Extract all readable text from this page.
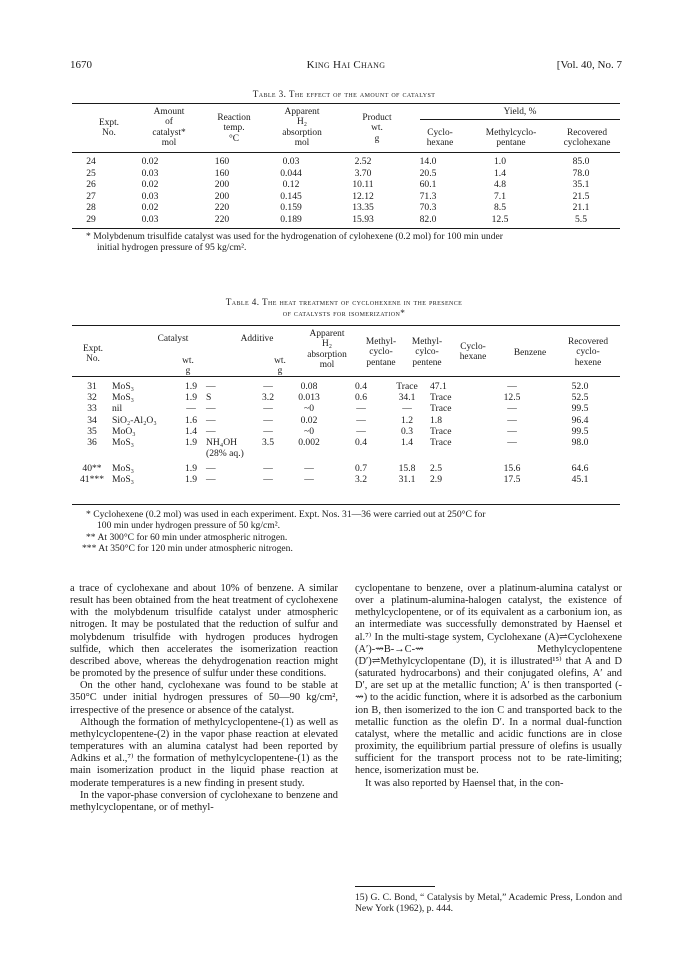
1670	King Hai Chang	[Vol. 40, No. 7
Table 3. The effect of the amount of catalyst
Expt.
No.
Amount
of
catalyst*
mol
Reaction
temp.
°C
Apparent
H₂
absorption
mol
Product
wt.
g
Yield, %
Cyclo-
hexane
Methylcyclo-
pentane
Recovered
cyclohexane
24	0.02	160	0.03	2.52	14.0	1.0	85.0
25	0.03	160	0.044	3.70	20.5	1.4	78.0
26	0.02	200	0.12	10.11	60.1	4.8	35.1
27	0.03	200	0.145	12.12	71.3	7.1	21.5
28	0.02	220	0.159	13.35	70.3	8.5	21.1
29	0.03	220	0.189	15.93	82.0	12.5	5.5
* Molybdenum trisulfide catalyst was used for the hydrogenation of cylohexene (0.2 mol) for 100 min under
initial hydrogen pressure of 95 kg/cm².
Table 4. The heat treatment of cyclohexene in the presence
of catalysts for isomerization*
Expt.
No.
Catalyst
wt.
g
Additive
wt.
g
Apparent
H₂
absorption
mol
Methyl-
cyclo-
pentane
Methyl-
cylco-
pentene
Cyclo-
hexane	Benzene
Recovered
cyclo-
hexene
31	MoS₃	1.9	—	—	0.08	0.4	Trace	47.1	—	52.0
32	MoS₃	1.9	S	3.2	0.013	0.6	34.1	Trace	12.5	52.5
33	nil	—	—	—	~0	—	—	Trace	—	99.5
34	SiO₂-Al₂O₃	1.6	—	—	0.02	—	1.2	1.8	—	96.4
35	MoO₃	1.4	—	—	~0	—	0.3	Trace	—	99.5
36	MoS₃	1.9	NH₄OH	3.5	0.002	0.4	1.4	Trace	—	98.0
			(28% aq.)							
40**	MoS₃	1.9	—	—	—	0.7	15.8	2.5	15.6	64.6
41***	MoS₃	1.9	—	—	—	3.2	31.1	2.9	17.5	45.1
* Cyclohexene (0.2 mol) was used in each experiment. Expt. Nos. 31—36 were carried out at 250°C for
100 min under hydrogen pressure of 50 kg/cm².
** At 300°C for 60 min under atmospheric nitrogen.
*** At 350°C for 120 min under atmospheric nitrogen.

a trace of cyclohexane and about 10% of benzene. A similar result has been obtained from the heat treatment of cyclohexene with the molybdenum trisulfide catalyst under atmospheric nitrogen. It may be postulated that the reduction of sulfur and molybdenum trisulfide with hydrogen produces hydrogen sulfide, which then accelerates the isomerization reaction described above, whereas the dehydrogenation reaction might be promoted by the presence of sulfur under these conditions.

On the other hand, cyclohexane was found to be stable at 350°C under initial hydrogen pressures of 50—90 kg/cm², irrespective of the presence or absence of the catalyst.

Although the formation of methylcyclopentene-(1) as well as methylcyclopentene-(2) in the vapor phase reaction at elevated temperatures with an alumina catalyst had been reported by Adkins et al.,⁷⁾ the formation of methylcyclopentene-(1) as the main isomerization product in the liquid phase reaction at moderate temperatures is a new finding in present study.

In the vapor-phase conversion of cyclohexane to benzene and methylcyclopentane, or of methyl-

cyclopentane to benzene, over a platinum-alumina catalyst or over a platinum-alumina-halogen catalyst, the existence of methylcyclopentene, or of its equivalent as a carbonium ion, as an intermediate was successfully demonstrated by Haensel et al.⁷⁾ In the multi-stage system, Cyclohexane (A)⇌Cyclohexene (A′)-⇝B-→C-⇝ Methylcyclopentene (D′)⇌Methylcyclopentane (D), it is illustrated¹⁵⁾ that A and D (saturated hydrocarbons) and their conjugated olefins, A′ and D′, are set up at the metallic function; A′ is then transported (-⇝) to the acidic function, where it is adsorbed as the carbonium ion B, then isomerized to the ion C and transported back to the metallic function as the olefin D′. In a normal dual-function catalyst, where the metallic and acidic functions are in close proximity, the equilibrium partial pressure of olefins is usually sufficient for the transport process not to be rate-limiting; hence, isomerization must be.

It was also reported by Haensel that, in the con-

15) G. C. Bond, “ Catalysis by Metal,” Academic Press, London and New York (1962), p. 444.
